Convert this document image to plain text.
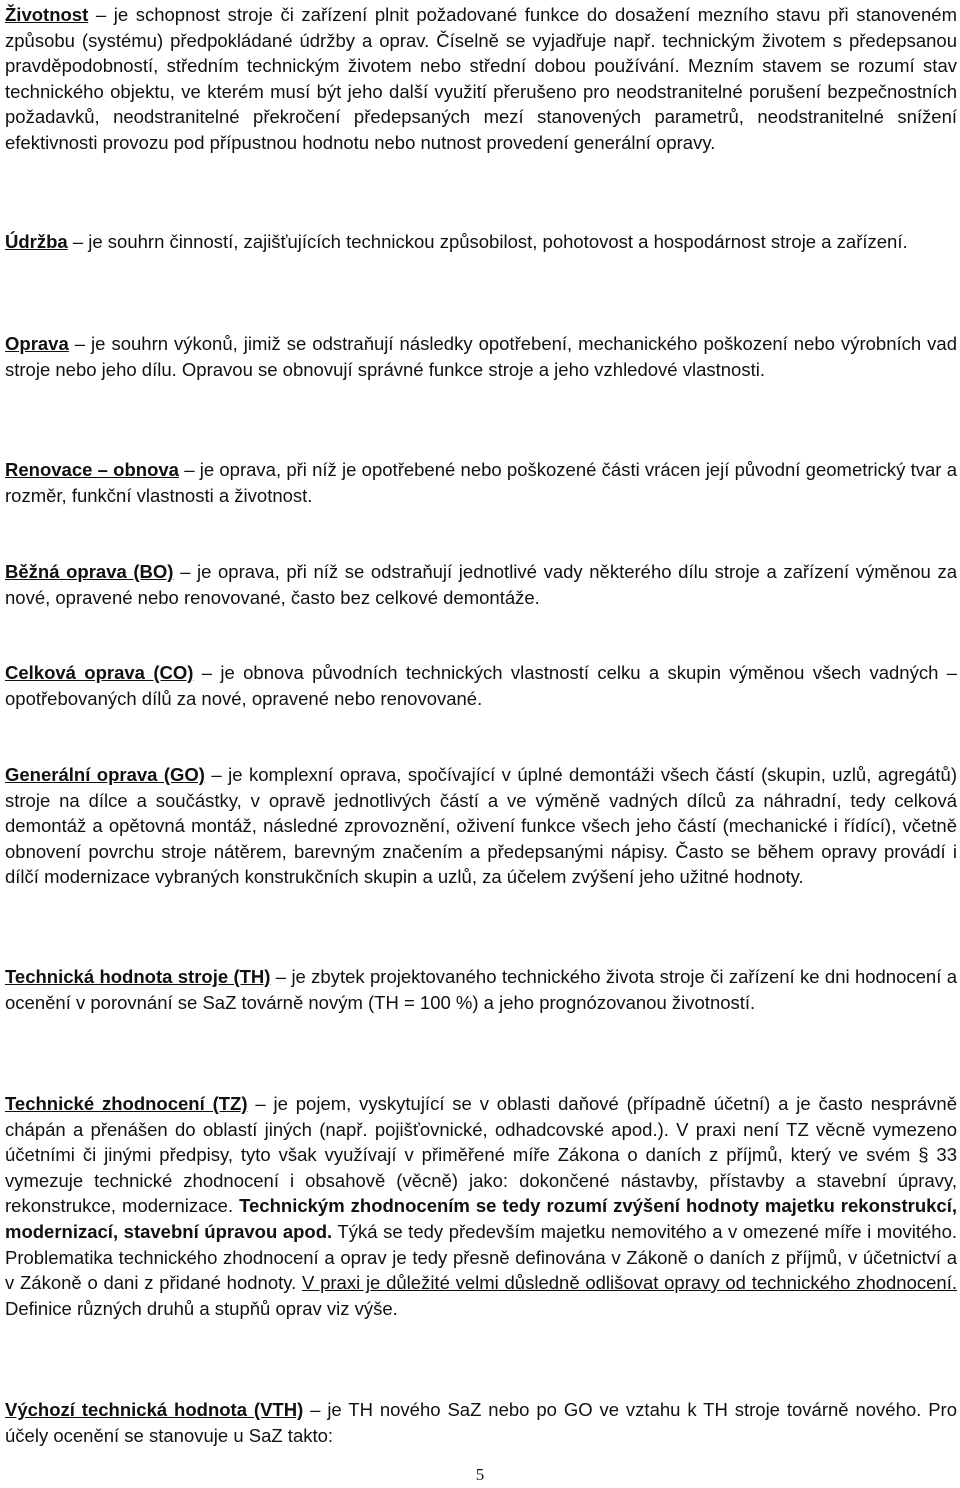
Životnost – je schopnost stroje či zařízení plnit požadované funkce do dosažení mezního stavu při stanoveném způsobu (systému) předpokládané údržby a oprav. Číselně se vyjadřuje např. technickým životem s předepsanou pravděpodobností, středním technickým životem nebo střední dobou používání. Mezním stavem se rozumí stav technického objektu, ve kterém musí být jeho další využití přerušeno pro neodstranitelné porušení bezpečnostních požadavků, neodstranitelné překročení předepsaných mezí stanovených parametrů, neodstranitelné snížení efektivnosti provozu pod přípustnou hodnotu nebo nutnost provedení generální opravy.

Údržba – je souhrn činností, zajišťujících technickou způsobilost, pohotovost a hospodárnost stroje a zařízení.

Oprava – je souhrn výkonů, jimiž se odstraňují následky opotřebení, mechanického poškození nebo výrobních vad stroje nebo jeho dílu. Opravou se obnovují správné funkce stroje a jeho vzhledové vlastnosti.

Renovace – obnova – je oprava, při níž je opotřebené nebo poškozené části vrácen její původní geometrický tvar a rozměr, funkční vlastnosti a životnost.

Běžná oprava (BO) – je oprava, při níž se odstraňují jednotlivé vady některého dílu stroje a zařízení výměnou za nové, opravené nebo renovované, často bez celkové demontáže.

Celková oprava (CO) – je obnova původních technických vlastností celku a skupin výměnou všech vadných – opotřebovaných dílů za nové, opravené nebo renovované.

Generální oprava (GO) – je komplexní oprava, spočívající v úplné demontáži všech částí (skupin, uzlů, agregátů) stroje na dílce a součástky, v opravě jednotlivých částí a ve výměně vadných dílců za náhradní, tedy celková demontáž a opětovná montáž, následné zprovoznění, oživení funkce všech jeho částí (mechanické i řídící), včetně obnovení povrchu stroje nátěrem, barevným značením a předepsanými nápisy. Často se během opravy provádí i dílčí modernizace vybraných konstrukčních skupin a uzlů, za účelem zvýšení jeho užitné hodnoty.

Technická hodnota stroje (TH) – je zbytek projektovaného technického života stroje či zařízení ke dni hodnocení a ocenění v porovnání se SaZ továrně novým (TH = 100 %) a jeho prognózovanou životností.

Technické zhodnocení (TZ) – je pojem, vyskytující se v oblasti daňové (případně účetní) a je často nesprávně chápán a přenášen do oblastí jiných (např. pojišťovnické, odhadcovské apod.). V praxi není TZ věcně vymezeno účetními či jinými předpisy, tyto však využívají v přiměřené míře Zákona o daních z příjmů, který ve svém § 33 vymezuje technické zhodnocení i obsahově (věcně) jako: dokončené nástavby, přístavby a stavební úpravy, rekonstrukce, modernizace. Technickým zhodnocením se tedy rozumí zvýšení hodnoty majetku rekonstrukcí, modernizací, stavební úpravou apod. Týká se tedy především majetku nemovitého a v omezené míře i movitého. Problematika technického zhodnocení a oprav je tedy přesně definována v Zákoně o daních z příjmů, v účetnictví a v Zákoně o dani z přidané hodnoty. V praxi je důležité velmi důsledně odlišovat opravy od technického zhodnocení. Definice různých druhů a stupňů oprav viz výše.

Výchozí technická hodnota (VTH) – je TH nového SaZ nebo po GO ve vztahu k TH stroje továrně nového. Pro účely ocenění se stanovuje u SaZ takto:

5
